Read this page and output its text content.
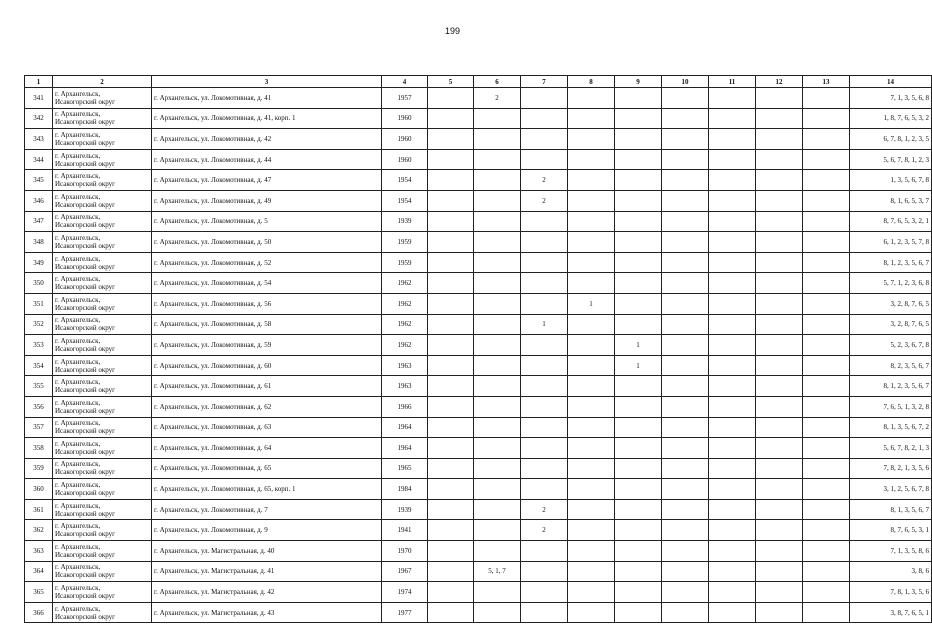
199
1	2	3	4	5	6	7	8	9	10	11	12	13	14
341	г. Архангельск,
Исакогорский округ	г. Архангельск, ул. Локомотивная, д. 41	1957		2								7, 1, 3, 5, 6, 8
342	г. Архангельск,
Исакогорский округ	г. Архангельск, ул. Локомотивная, д. 41, корп. 1	1960										1, 8, 7, 6, 5, 3, 2
343	г. Архангельск,
Исакогорский округ	г. Архангельск, ул. Локомотивная, д. 42	1960										6, 7, 8, 1, 2, 3, 5
344	г. Архангельск,
Исакогорский округ	г. Архангельск, ул. Локомотивная, д. 44	1960										5, 6, 7, 8, 1, 2, 3
345	г. Архангельск,
Исакогорский округ	г. Архангельск, ул. Локомотивная, д. 47	1954			2							1, 3, 5, 6, 7, 8
346	г. Архангельск,
Исакогорский округ	г. Архангельск, ул. Локомотивная, д. 49	1954			2							8, 1, 6, 5, 3, 7
347	г. Архангельск,
Исакогорский округ	г. Архангельск, ул. Локомотивная, д. 5	1939										8, 7, 6, 5, 3, 2, 1
348	г. Архангельск,
Исакогорский округ	г. Архангельск, ул. Локомотивная, д. 50	1959										6, 1, 2, 3, 5, 7, 8
349	г. Архангельск,
Исакогорский округ	г. Архангельск, ул. Локомотивная, д. 52	1959										8, 1, 2, 3, 5, 6, 7
350	г. Архангельск,
Исакогорский округ	г. Архангельск, ул. Локомотивная, д. 54	1962										5, 7, 1, 2, 3, 6, 8
351	г. Архангельск,
Исакогорский округ	г. Архангельск, ул. Локомотивная, д. 56	1962				1						3, 2, 8, 7, 6, 5
352	г. Архангельск,
Исакогорский округ	г. Архангельск, ул. Локомотивная, д. 58	1962			1							3, 2, 8, 7, 6, 5
353	г. Архангельск,
Исакогорский округ	г. Архангельск, ул. Локомотивная, д. 59	1962					1					5, 2, 3, 6, 7, 8
354	г. Архангельск,
Исакогорский округ	г. Архангельск, ул. Локомотивная, д. 60	1963					1					8, 2, 3, 5, 6, 7
355	г. Архангельск,
Исакогорский округ	г. Архангельск, ул. Локомотивная, д. 61	1963										8, 1, 2, 3, 5, 6, 7
356	г. Архангельск,
Исакогорский округ	г. Архангельск, ул. Локомотивная, д. 62	1966										7, 6, 5, 1, 3, 2, 8
357	г. Архангельск,
Исакогорский округ	г. Архангельск, ул. Локомотивная, д. 63	1964										8, 1, 3, 5, 6, 7, 2
358	г. Архангельск,
Исакогорский округ	г. Архангельск, ул. Локомотивная, д. 64	1964										5, 6, 7, 8, 2, 1, 3
359	г. Архангельск,
Исакогорский округ	г. Архангельск, ул. Локомотивная, д. 65	1965										7, 8, 2, 1, 3, 5, 6
360	г. Архангельск,
Исакогорский округ	г. Архангельск, ул. Локомотивная, д. 65, корп. 1	1984										3, 1, 2, 5, 6, 7, 8
361	г. Архангельск,
Исакогорский округ	г. Архангельск, ул. Локомотивная, д. 7	1939			2							8, 1, 3, 5, 6, 7
362	г. Архангельск,
Исакогорский округ	г. Архангельск, ул. Локомотивная, д. 9	1941			2							8, 7, 6, 5, 3, 1
363	г. Архангельск,
Исакогорский округ	г. Архангельск, ул. Магистральная, д. 40	1970										7, 1, 3, 5, 8, 6
364	г. Архангельск,
Исакогорский округ	г. Архангельск, ул. Магистральная, д. 41	1967		5, 1, 7								3, 8, 6
365	г. Архангельск,
Исакогорский округ	г. Архангельск, ул. Магистральная, д. 42	1974										7, 8, 1, 3, 5, 6
366	г. Архангельск,
Исакогорский округ	г. Архангельск, ул. Магистральная, д. 43	1977										3, 8, 7, 6, 5, 1
